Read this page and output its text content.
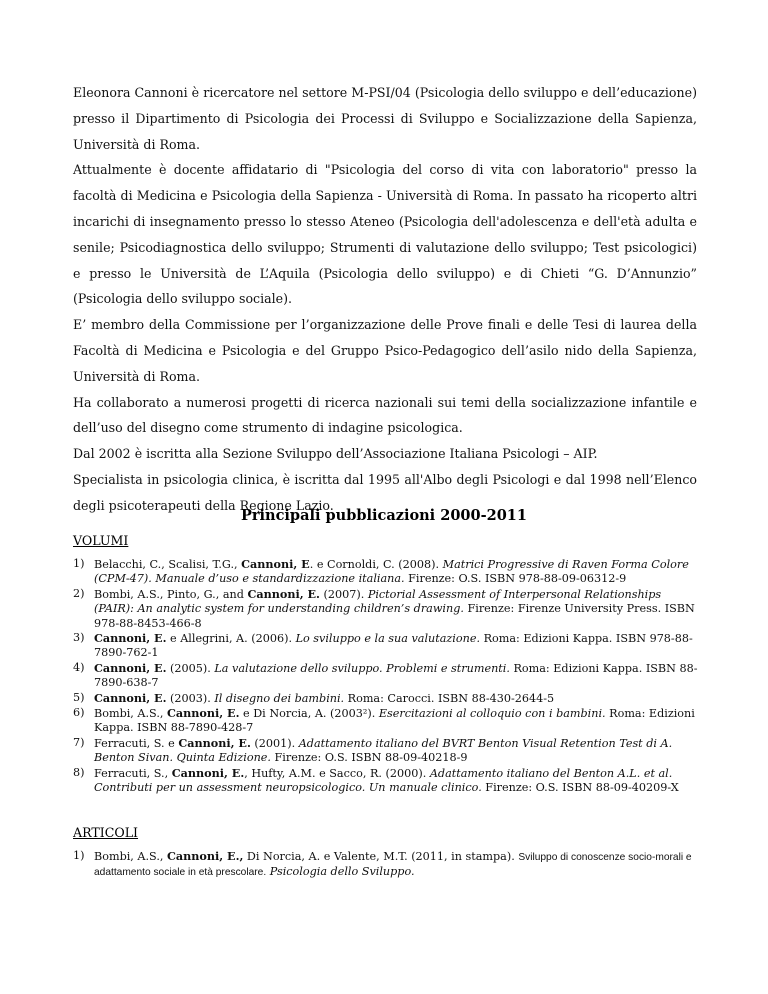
Eleonora Cannoni è ricercatore nel settore M-PSI/04 (Psicologia dello sviluppo e dell’educazione) presso il Dipartimento di Psicologia dei Processi di Sviluppo e Socializzazione della Sapienza, Università di Roma.

Attualmente è docente affidatario di "Psicologia del corso di vita con laboratorio" presso la facoltà di Medicina e Psicologia della Sapienza - Università di Roma. In passato ha ricoperto altri incarichi di insegnamento presso lo stesso Ateneo (Psicologia dell'adolescenza e dell'età adulta e senile; Psicodiagnostica dello sviluppo; Strumenti di valutazione dello sviluppo; Test psicologici) e presso le Università de L’Aquila (Psicologia dello sviluppo) e di Chieti “G. D’Annunzio” (Psicologia dello sviluppo sociale).

E’ membro della Commissione per l’organizzazione delle Prove finali e delle Tesi di laurea della Facoltà di Medicina e Psicologia e del Gruppo Psico-Pedagogico dell’asilo nido della Sapienza, Università di Roma.

Ha collaborato a numerosi progetti di ricerca nazionali sui temi della socializzazione infantile e dell’uso del disegno come strumento di indagine psicologica.

Dal 2002 è iscritta alla Sezione Sviluppo dell’Associazione Italiana Psicologi – AIP.

Specialista in psicologia clinica, è iscritta dal 1995 all'Albo degli Psicologi e dal 1998 nell’Elenco degli psicoterapeuti della Regione Lazio.

Principali pubblicazioni 2000-2011
VOLUMI
1) Belacchi, C., Scalisi, T.G., Cannoni, E. e Cornoldi, C. (2008). Matrici Progressive di Raven Forma Colore (CPM-47). Manuale d’uso e standardizzazione italiana. Firenze: O.S. ISBN 978-88-09-06312-9
2) Bombi, A.S., Pinto, G., and Cannoni, E. (2007). Pictorial Assessment of Interpersonal Relationships (PAIR): An analytic system for understanding children’s drawing. Firenze: Firenze University Press. ISBN 978-88-8453-466-8
3) Cannoni, E. e Allegrini, A. (2006). Lo sviluppo e la sua valutazione. Roma: Edizioni Kappa. ISBN 978-88-7890-762-1
4) Cannoni, E. (2005). La valutazione dello sviluppo. Problemi e strumenti. Roma: Edizioni Kappa. ISBN 88-7890-638-7
5) Cannoni, E. (2003). Il disegno dei bambini. Roma: Carocci. ISBN 88-430-2644-5
6) Bombi, A.S., Cannoni, E. e Di Norcia, A. (2003²). Esercitazioni al colloquio con i bambini. Roma: Edizioni Kappa. ISBN 88-7890-428-7
7) Ferracuti, S. e Cannoni, E. (2001). Adattamento italiano del BVRT Benton Visual Retention Test di A. Benton Sivan. Quinta Edizione. Firenze: O.S. ISBN 88-09-40218-9
8) Ferracuti, S., Cannoni, E., Hufty, A.M. e Sacco, R. (2000). Adattamento italiano del Benton A.L. et al. Contributi per un assessment neuropsicologico. Un manuale clinico. Firenze: O.S. ISBN 88-09-40209-X
ARTICOLI
1) Bombi, A.S., Cannoni, E., Di Norcia, A. e Valente, M.T. (2011, in stampa). Sviluppo di conoscenze socio-morali e adattamento sociale in età prescolare. Psicologia dello Sviluppo.
